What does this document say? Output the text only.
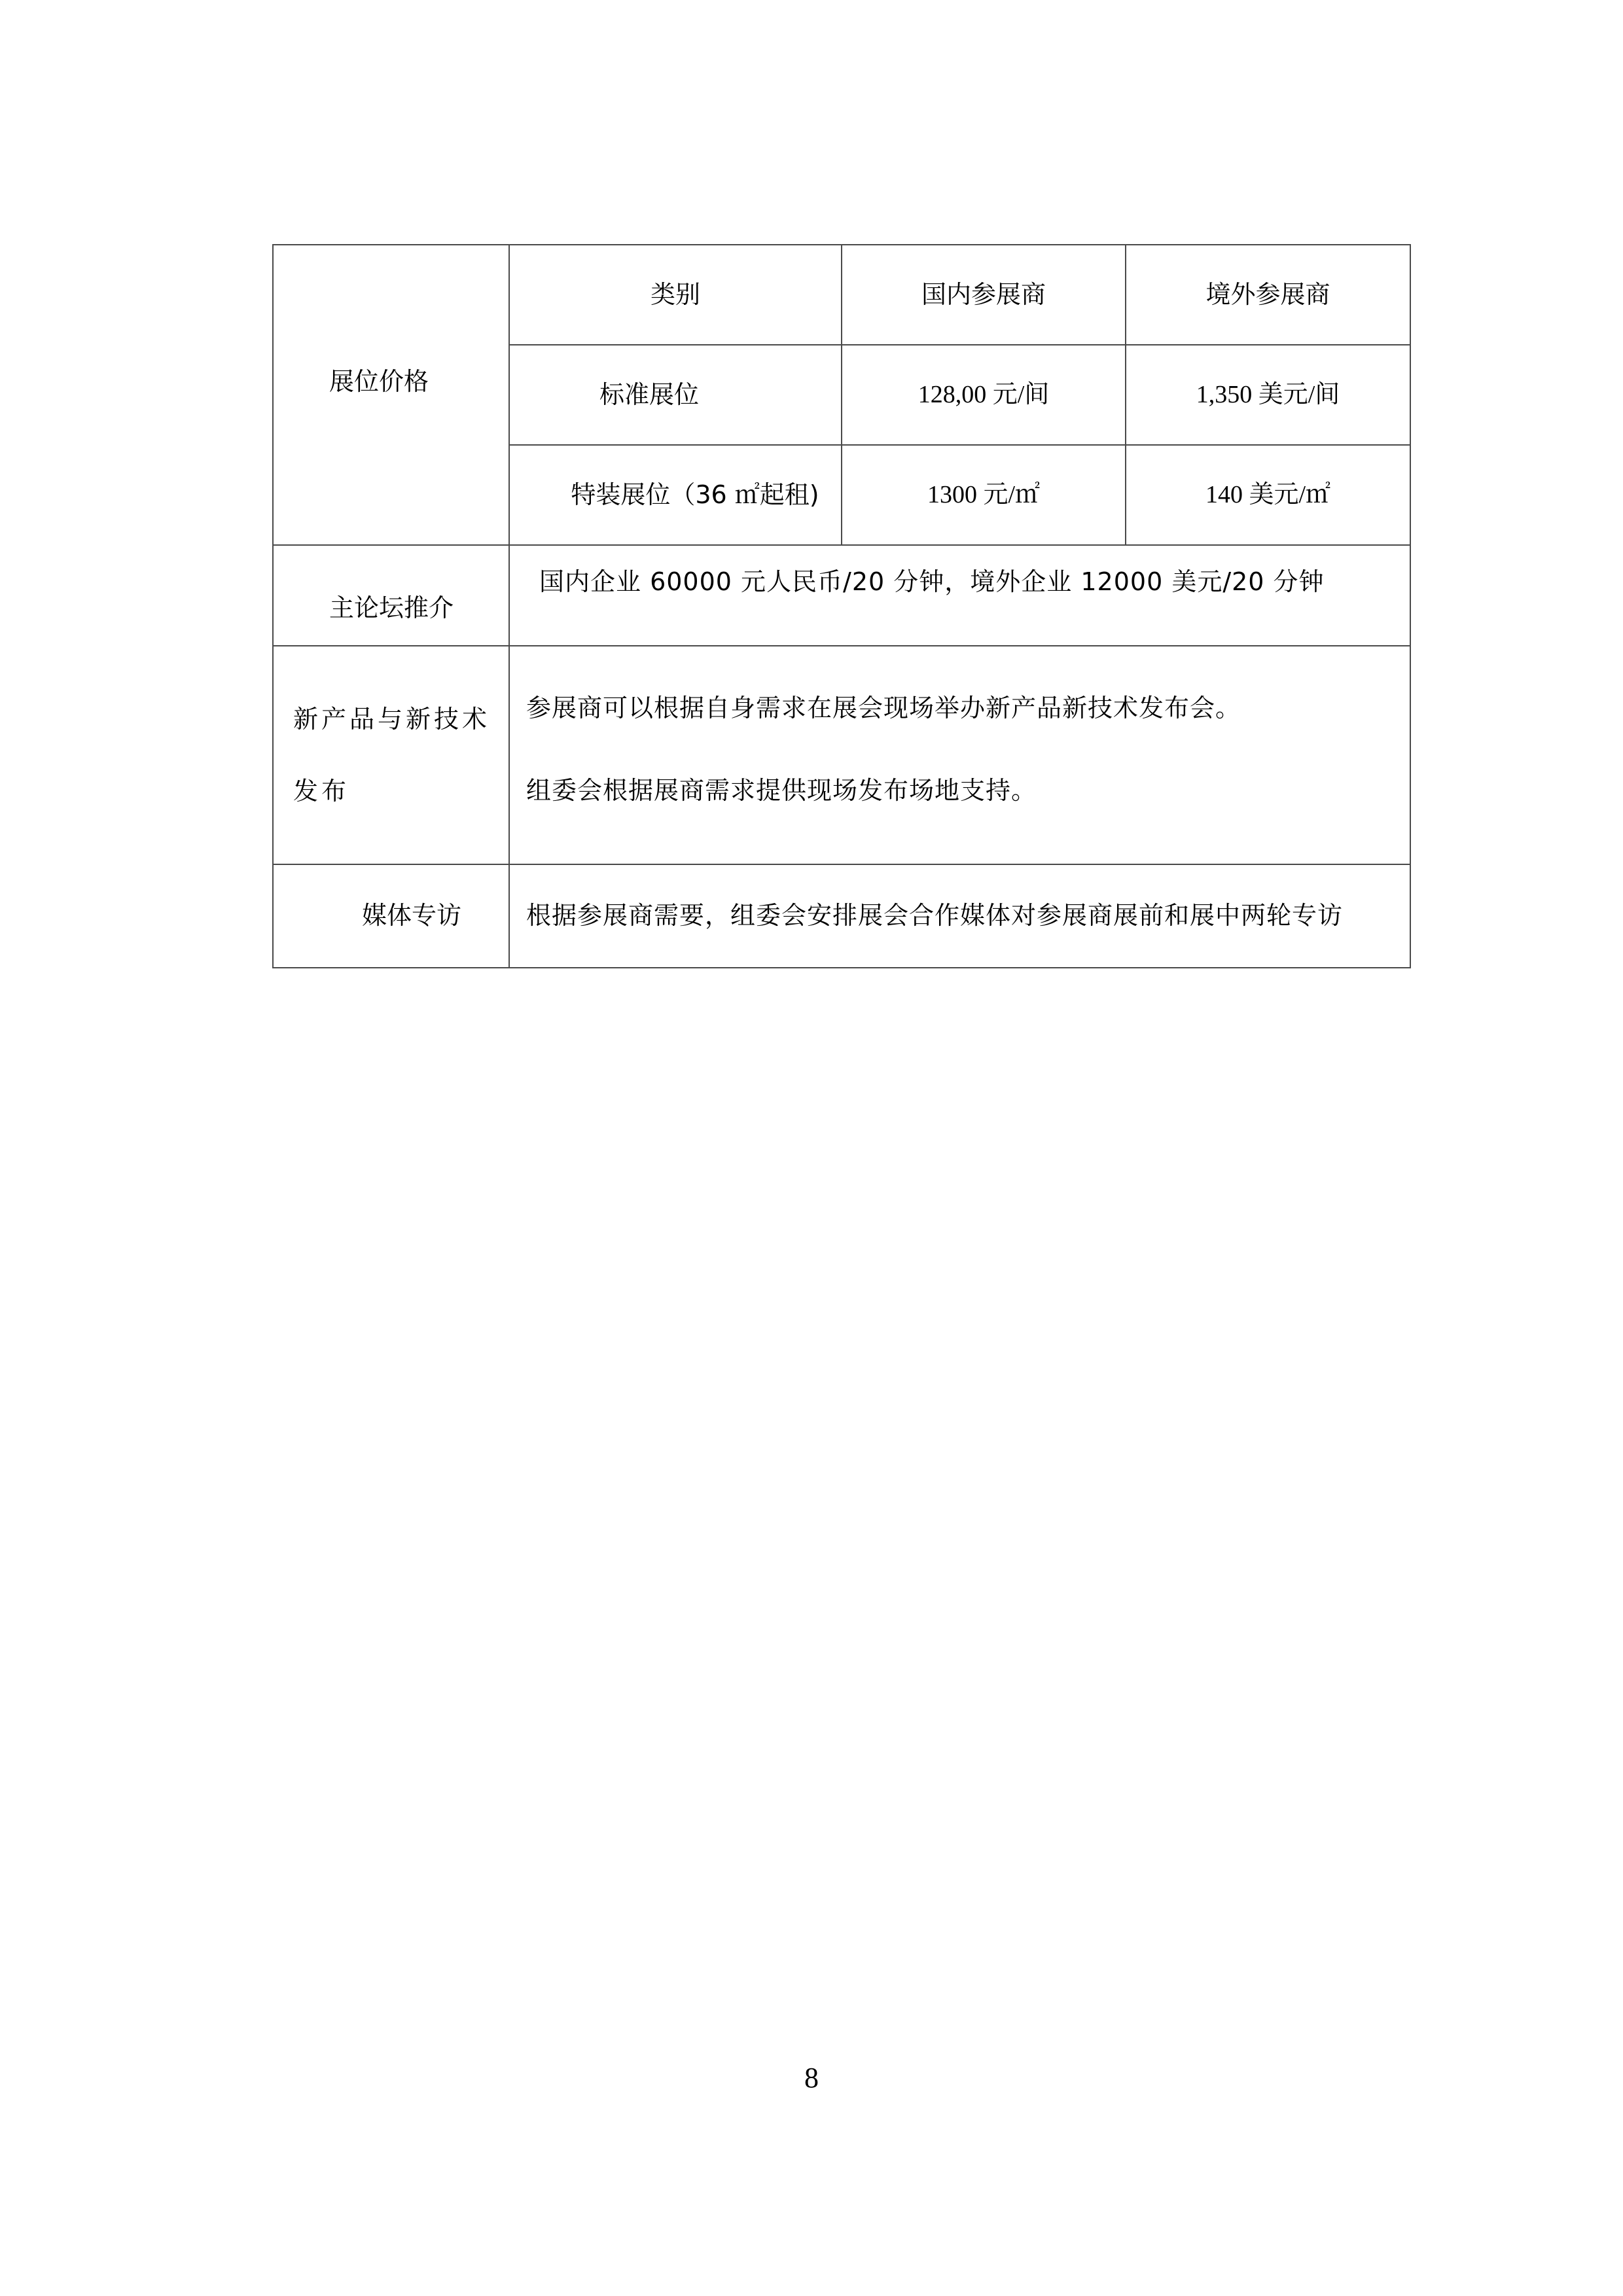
展位价格	类别	国内参展商	境外参展商
	标准展位	128,00 元/间	1,350 美元/间
	特装展位（36 ㎡起租)	1300 元/㎡	140 美元/㎡
主论坛推介	国内企业 60000 元人民币/20 分钟，境外企业 12000 美元/20 分钟		
新产品与新技术发布	参展商可以根据自身需求在展会现场举办新产品新技术发布会。

组委会根据展商需求提供现场发布场地支持。		

媒体专访	根据参展商需要，组委会安排展会合作媒体对参展商展前和展中两轮专访		
8
